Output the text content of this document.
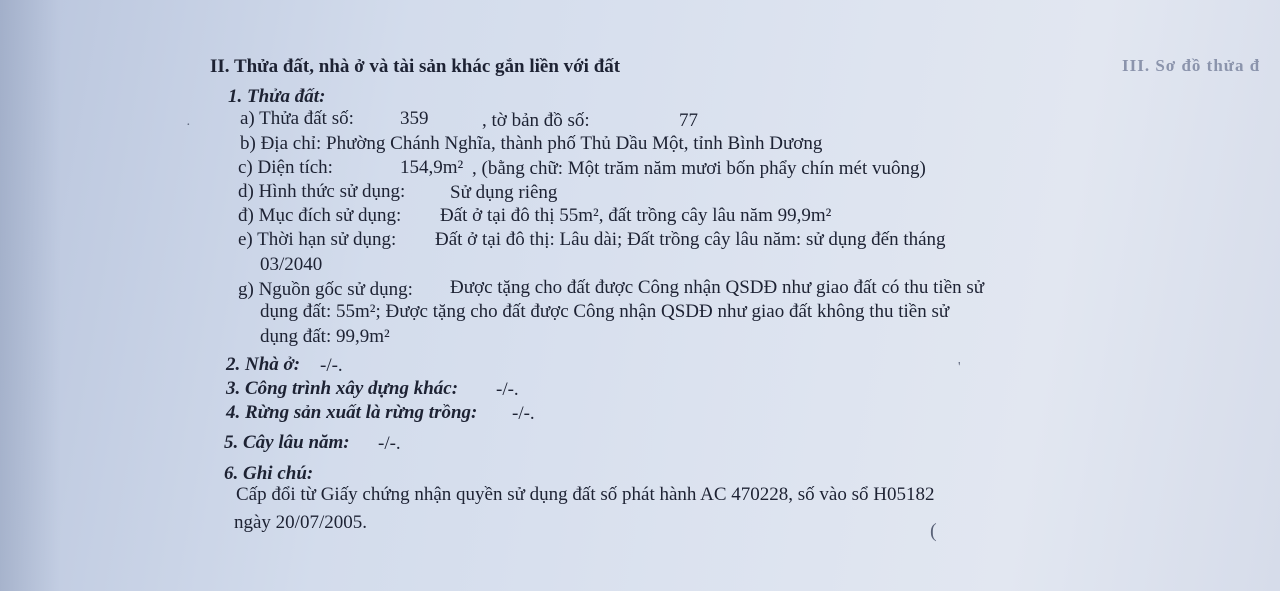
II. Thửa đất, nhà ở và tài sản khác gắn liền với đất	III. Sơ đồ thửa đ
1. Thửa đất:
a) Thửa đất số: 359	, tờ bản đồ số:	77
b) Địa chỉ: Phường Chánh Nghĩa, thành phố Thủ Dầu Một, tỉnh Bình Dương
c) Diện tích:	154,9m² , (bằng chữ: Một trăm năm mươi bốn phẩy chín mét vuông)
d) Hình thức sử dụng: Sử dụng riêng
đ) Mục đích sử dụng: Đất ở tại đô thị 55m², đất trồng cây lâu năm 99,9m²
e) Thời hạn sử dụng: Đất ở tại đô thị: Lâu dài; Đất trồng cây lâu năm: sử dụng đến tháng
03/2040
g) Nguồn gốc sử dụng: Được tặng cho đất được Công nhận QSDĐ như giao đất có thu tiền sử
dụng đất: 55m²; Được tặng cho đất được Công nhận QSDĐ như giao đất không thu tiền sử
dụng đất: 99,9m²
2. Nhà ở: -/-.
3. Công trình xây dựng khác: -/-.
4. Rừng sản xuất là rừng trồng: -/-.
5. Cây lâu năm: -/-.
6. Ghi chú:
Cấp đổi từ Giấy chứng nhận quyền sử dụng đất số phát hành AC 470228, số vào sổ H05182
ngày 20/07/2005.
·
'
(
